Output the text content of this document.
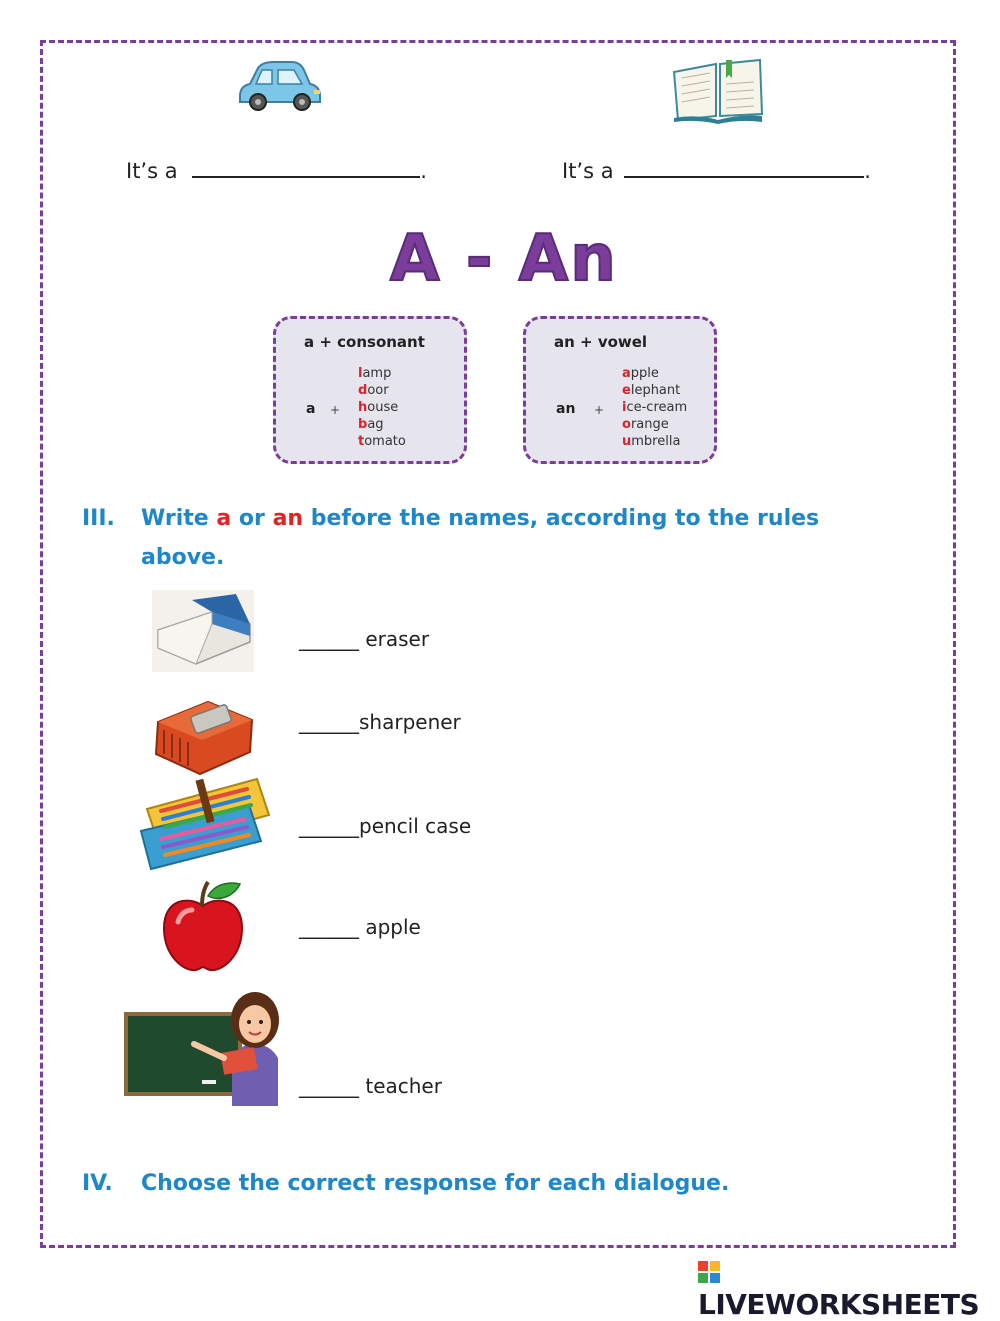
It’s a	.	It’s a	.
A - An
a + consonant
a +
lamp
door
house
bag
tomato
an + vowel
an +
apple
elephant
ice-cream
orange
umbrella
III. Write a or an before the names, according to the rules
above.
______ eraser
______sharpener
______pencil case
______ apple
______ teacher
IV. Choose the correct response for each dialogue.
LIVEWORKSHEETS
